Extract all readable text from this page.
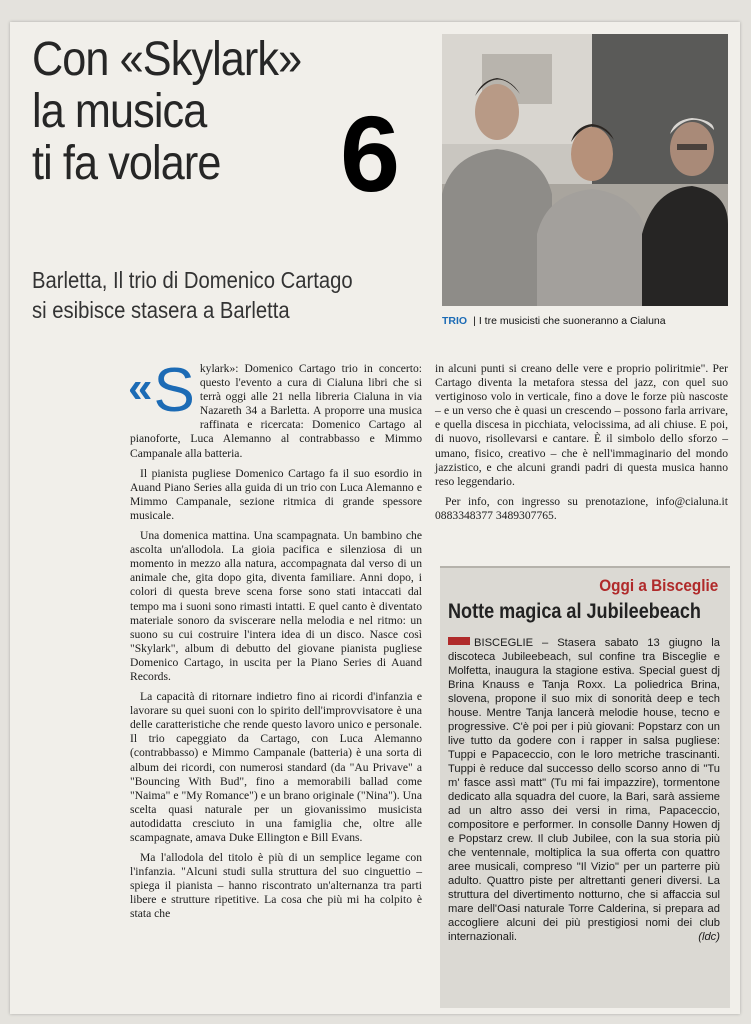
Con «Skylark»
la musica
ti fa volare	6
Barletta, Il trio di Domenico Cartago
si esibisce stasera a Barletta	TRIO | I tre musicisti che suoneranno a Cialuna

« S kylark»: Domenico Cartago trio in concerto: questo l'evento a cura di Cialuna libri che si terrà oggi alle 21 nella libreria Cialuna in via Nazareth 34 a Barletta. A proporre una musica raffinata e ricercata: Domenico Cartago al pianoforte, Luca Alemanno al contrabbasso e Mimmo Campanale alla batteria.

Il pianista pugliese Domenico Cartago fa il suo esordio in Auand Piano Series alla guida di un trio con Luca Alemanno e Mimmo Campanale, sezione ritmica di grande spessore musicale.

Una domenica mattina. Una scampagnata. Un bambino che ascolta un'allodola. La gioia pacifica e silenziosa di un momento in mezzo alla natura, accompagnata dal verso di un animale che, gita dopo gita, diventa familiare. Anni dopo, i colori di questa breve scena forse sono stati intaccati dal tempo ma i suoni sono rimasti intatti. E quel canto è diventato materiale sonoro da sviscerare nella melodia e nel ritmo: un suono su cui costruire l'intera idea di un disco. Nasce così "Skylark", album di debutto del giovane pianista pugliese Domenico Cartago, in uscita per la Piano Series di Auand Records.

La capacità di ritornare indietro fino ai ricordi d'infanzia e lavorare su quei suoni con lo spirito dell'improvvisatore è una delle caratteristiche che rende questo lavoro unico e personale. Il trio capeggiato da Cartago, con Luca Alemanno (contrabbasso) e Mimmo Campanale (batteria) è una sorta di album dei ricordi, con numerosi standard (da "Au Privave" a "Bouncing With Bud", fino a memorabili ballad come "Naima" e "My Romance") e un brano originale ("Nina"). Una scelta quasi naturale per un giovanissimo musicista autodidatta cresciuto in una famiglia che, oltre alle scampagnate, amava Duke Ellington e Bill Evans.

Ma l'allodola del titolo è più di un semplice legame con l'infanzia. "Alcuni studi sulla struttura del suo cinguettio – spiega il pianista – hanno riscontrato un'alternanza tra parti libere e strutture ripetitive. La cosa che più mi ha colpito è stata che

in alcuni punti si creano delle vere e proprio poliritmie". Per Cartago diventa la metafora stessa del jazz, con quel suo vertiginoso volo in verticale, fino a dove le forze più nascoste – e un verso che è quasi un crescendo – possono farla arrivare, e quella discesa in picchiata, velocissima, ad ali chiuse. E poi, di nuovo, risollevarsi e cantare. È il simbolo dello sforzo – umano, fisico, creativo – che è nell'immaginario del mondo jazzistico, e che alcuni grandi padri di questa musica hanno reso leggendario.

Per info, con ingresso su prenotazione, info@cialuna.it 0883348377 3489307765.

Oggi a Bisceglie
Notte magica al Jubileebeach
BISCEGLIE – Stasera sabato 13 giugno la discoteca Jubileebeach, sul confine tra Bisceglie e Molfetta, inaugura la stagione estiva. Special guest dj Brina Knauss e Tanja Roxx. La poliedrica Brina, slovena, propone il suo mix di sonorità deep e tech house. Mentre Tanja lancerà melodie house, tecno e progressive. C'è poi per i più giovani: Popstarz con un live tutto da godere con i rapper in salsa pugliese: Tuppi e Papaceccio, con le loro metriche trascinanti. Tuppi è reduce dal successo dello scorso anno di "Tu m' fasce assì matt" (Tu mi fai impazzire), tormentone dedicato alla squadra del cuore, la Bari, sarà assieme ad un altro asso dei versi in rima, Papaceccio, compositore e performer. In consolle Danny Howen dj e Popstarz crew. Il club Jubilee, con la sua storia più che ventennale, moltiplica la sua offerta con quattro aree musicali, compreso "Il Vizio" per un parterre più adulto. Quattro piste per altrettanti generi diversi. La struttura del divertimento notturno, che si affaccia sul mare dell'Oasi naturale Torre Calderina, si prepara ad accogliere alcuni dei più prestigiosi nomi dei club internazionali.	(ldc)
